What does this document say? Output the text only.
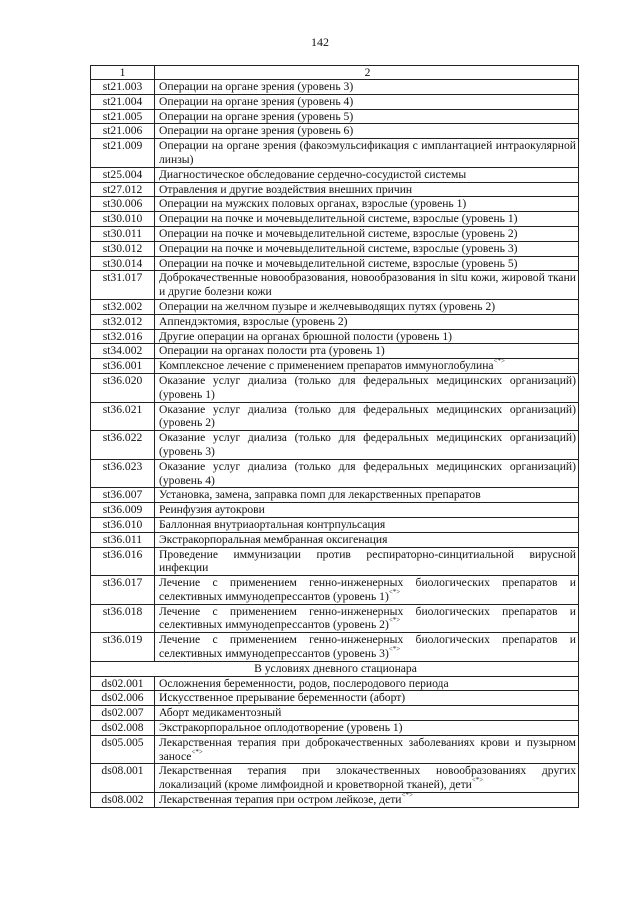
142
1	2
st21.003	Операции на органе зрения (уровень 3)
st21.004	Операции на органе зрения (уровень 4)
st21.005	Операции на органе зрения (уровень 5)
st21.006	Операции на органе зрения (уровень 6)
st21.009	Операции на органе зрения (факоэмульсификация с имплантацией интраокулярной линзы)
st25.004	Диагностическое обследование сердечно-сосудистой системы
st27.012	Отравления и другие воздействия внешних причин
st30.006	Операции на мужских половых органах, взрослые (уровень 1)
st30.010	Операции на почке и мочевыделительной системе, взрослые (уровень 1)
st30.011	Операции на почке и мочевыделительной системе, взрослые (уровень 2)
st30.012	Операции на почке и мочевыделительной системе, взрослые (уровень 3)
st30.014	Операции на почке и мочевыделительной системе, взрослые (уровень 5)
st31.017	Доброкачественные новообразования, новообразования in situ кожи, жировой ткани и другие болезни кожи
st32.002	Операции на желчном пузыре и желчевыводящих путях (уровень 2)
st32.012	Аппендэктомия, взрослые (уровень 2)
st32.016	Другие операции на органах брюшной полости (уровень 1)
st34.002	Операции на органах полости рта (уровень 1)
st36.001	Комплексное лечение с применением препаратов иммуноглобулина<*>
st36.020	Оказание услуг диализа (только для федеральных медицинских организаций) (уровень 1)
st36.021	Оказание услуг диализа (только для федеральных медицинских организаций) (уровень 2)
st36.022	Оказание услуг диализа (только для федеральных медицинских организаций) (уровень 3)
st36.023	Оказание услуг диализа (только для федеральных медицинских организаций) (уровень 4)
st36.007	Установка, замена, заправка помп для лекарственных препаратов
st36.009	Реинфузия аутокрови
st36.010	Баллонная внутриаортальная контрпульсация
st36.011	Экстракорпоральная мембранная оксигенация
st36.016	Проведение иммунизации против респираторно-синцитиальной вирусной инфекции
st36.017	Лечение с применением генно-инженерных биологических препаратов и селективных иммунодепрессантов (уровень 1)<*>
st36.018	Лечение с применением генно-инженерных биологических препаратов и селективных иммунодепрессантов (уровень 2)<*>
st36.019	Лечение с применением генно-инженерных биологических препаратов и селективных иммунодепрессантов (уровень 3)<*>
В условиях дневного стационара	
ds02.001	Осложнения беременности, родов, послеродового периода
ds02.006	Искусственное прерывание беременности (аборт)
ds02.007	Аборт медикаментозный
ds02.008	Экстракорпоральное оплодотворение (уровень 1)
ds05.005	Лекарственная терапия при доброкачественных заболеваниях крови и пузырном заносе<*>
ds08.001	Лекарственная терапия при злокачественных новообразованиях других локализаций (кроме лимфоидной и кроветворной тканей), дети<*>
ds08.002	Лекарственная терапия при остром лейкозе, дети<*>
